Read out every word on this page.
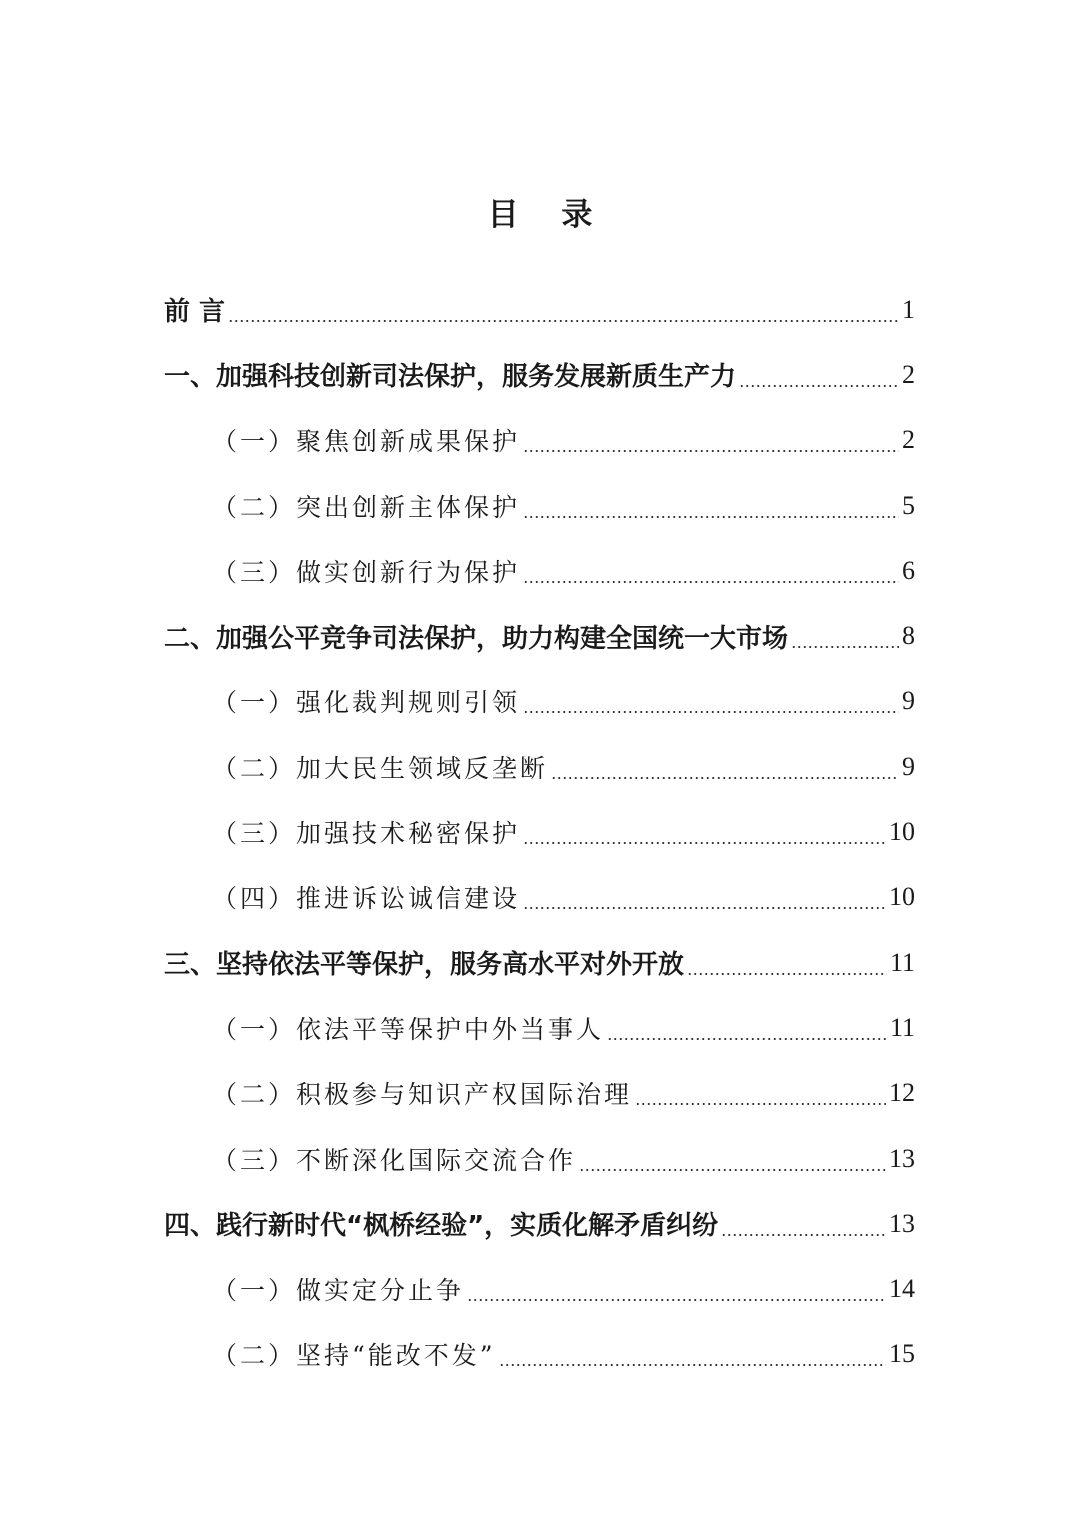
目 录
前 言	1
一、加强科技创新司法保护，服务发展新质生产力	2
（一）聚焦创新成果保护	2
（二）突出创新主体保护	5
（三）做实创新行为保护	6
二、加强公平竞争司法保护，助力构建全国统一大市场	8
（一）强化裁判规则引领	9
（二）加大民生领域反垄断	9
（三）加强技术秘密保护	10
（四）推进诉讼诚信建设	10
三、坚持依法平等保护，服务高水平对外开放	11
（一）依法平等保护中外当事人	11
（二）积极参与知识产权国际治理	12
（三）不断深化国际交流合作	13
四、践行新时代“枫桥经验”，实质化解矛盾纠纷	13
（一）做实定分止争	14
（二）坚持“能改不发”	15
